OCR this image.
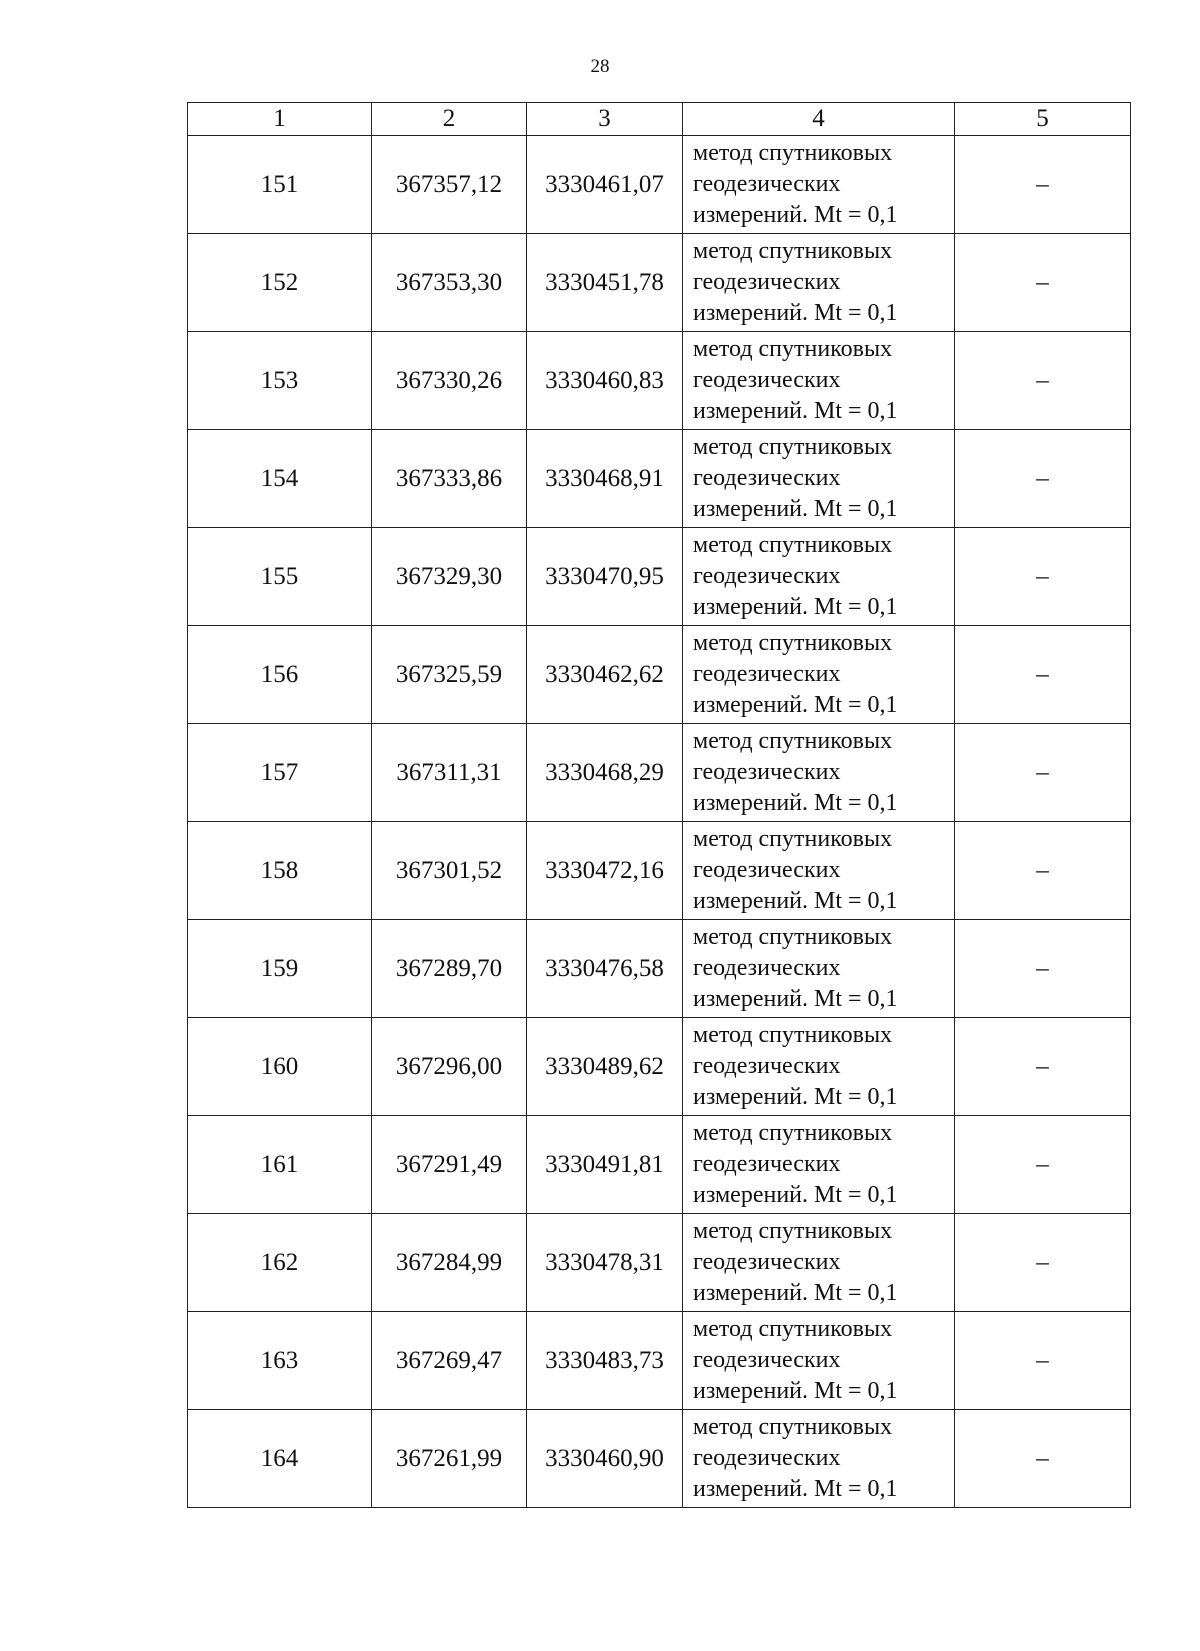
28
1	2	3	4	5
151	367357,12	3330461,07	метод спутниковых
геодезических
измерений. Mt = 0,1	–
152	367353,30	3330451,78	метод спутниковых
геодезических
измерений. Mt = 0,1	–
153	367330,26	3330460,83	метод спутниковых
геодезических
измерений. Mt = 0,1	–
154	367333,86	3330468,91	метод спутниковых
геодезических
измерений. Mt = 0,1	–
155	367329,30	3330470,95	метод спутниковых
геодезических
измерений. Mt = 0,1	–
156	367325,59	3330462,62	метод спутниковых
геодезических
измерений. Mt = 0,1	–
157	367311,31	3330468,29	метод спутниковых
геодезических
измерений. Mt = 0,1	–
158	367301,52	3330472,16	метод спутниковых
геодезических
измерений. Mt = 0,1	–
159	367289,70	3330476,58	метод спутниковых
геодезических
измерений. Mt = 0,1	–
160	367296,00	3330489,62	метод спутниковых
геодезических
измерений. Mt = 0,1	–
161	367291,49	3330491,81	метод спутниковых
геодезических
измерений. Mt = 0,1	–
162	367284,99	3330478,31	метод спутниковых
геодезических
измерений. Mt = 0,1	–
163	367269,47	3330483,73	метод спутниковых
геодезических
измерений. Mt = 0,1	–
164	367261,99	3330460,90	метод спутниковых
геодезических
измерений. Mt = 0,1	–
